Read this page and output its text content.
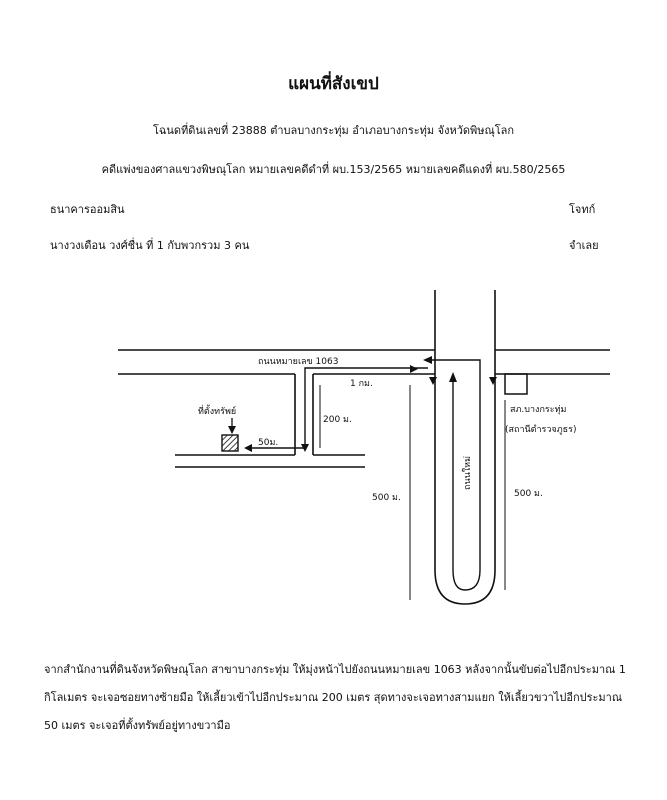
แผนที่สังเขป
โฉนดที่ดินเลขที่ 23888 ตำบลบางกระทุ่ม อำเภอบางกระทุ่ม จังหวัดพิษณุโลก
คดีแพ่งของศาลแขวงพิษณุโลก หมายเลขคดีดำที่ ผบ.153/2565 หมายเลขคดีแดงที่ ผบ.580/2565
ธนาคารออมสิน	โจทก์
นางวงเดือน วงศ์ชื่น ที่ 1 กับพวกรวม 3 คน	จำเลย
ถนนหมายเลข 1063
1 กม.
200 ม.
50ม.
500 ม.	500 ม.
ที่ตั้งทรัพย์
ถนนใหม่
สภ.บางกระทุ่ม
(สถานีตำรวจภูธร)
จากสำนักงานที่ดินจังหวัดพิษณุโลก สาขาบางกระทุ่ม ให้มุ่งหน้าไปยังถนนหมายเลข 1063 หลังจากนั้นขับต่อไปอีกประมาณ 1 กิโลเมตร จะเจอซอยทางซ้ายมือ ให้เลี้ยวเข้าไปอีกประมาณ 200 เมตร สุดทางจะเจอทางสามแยก ให้เลี้ยวขวาไปอีกประมาณ 50 เมตร จะเจอที่ตั้งทรัพย์อยู่ทางขวามือ
